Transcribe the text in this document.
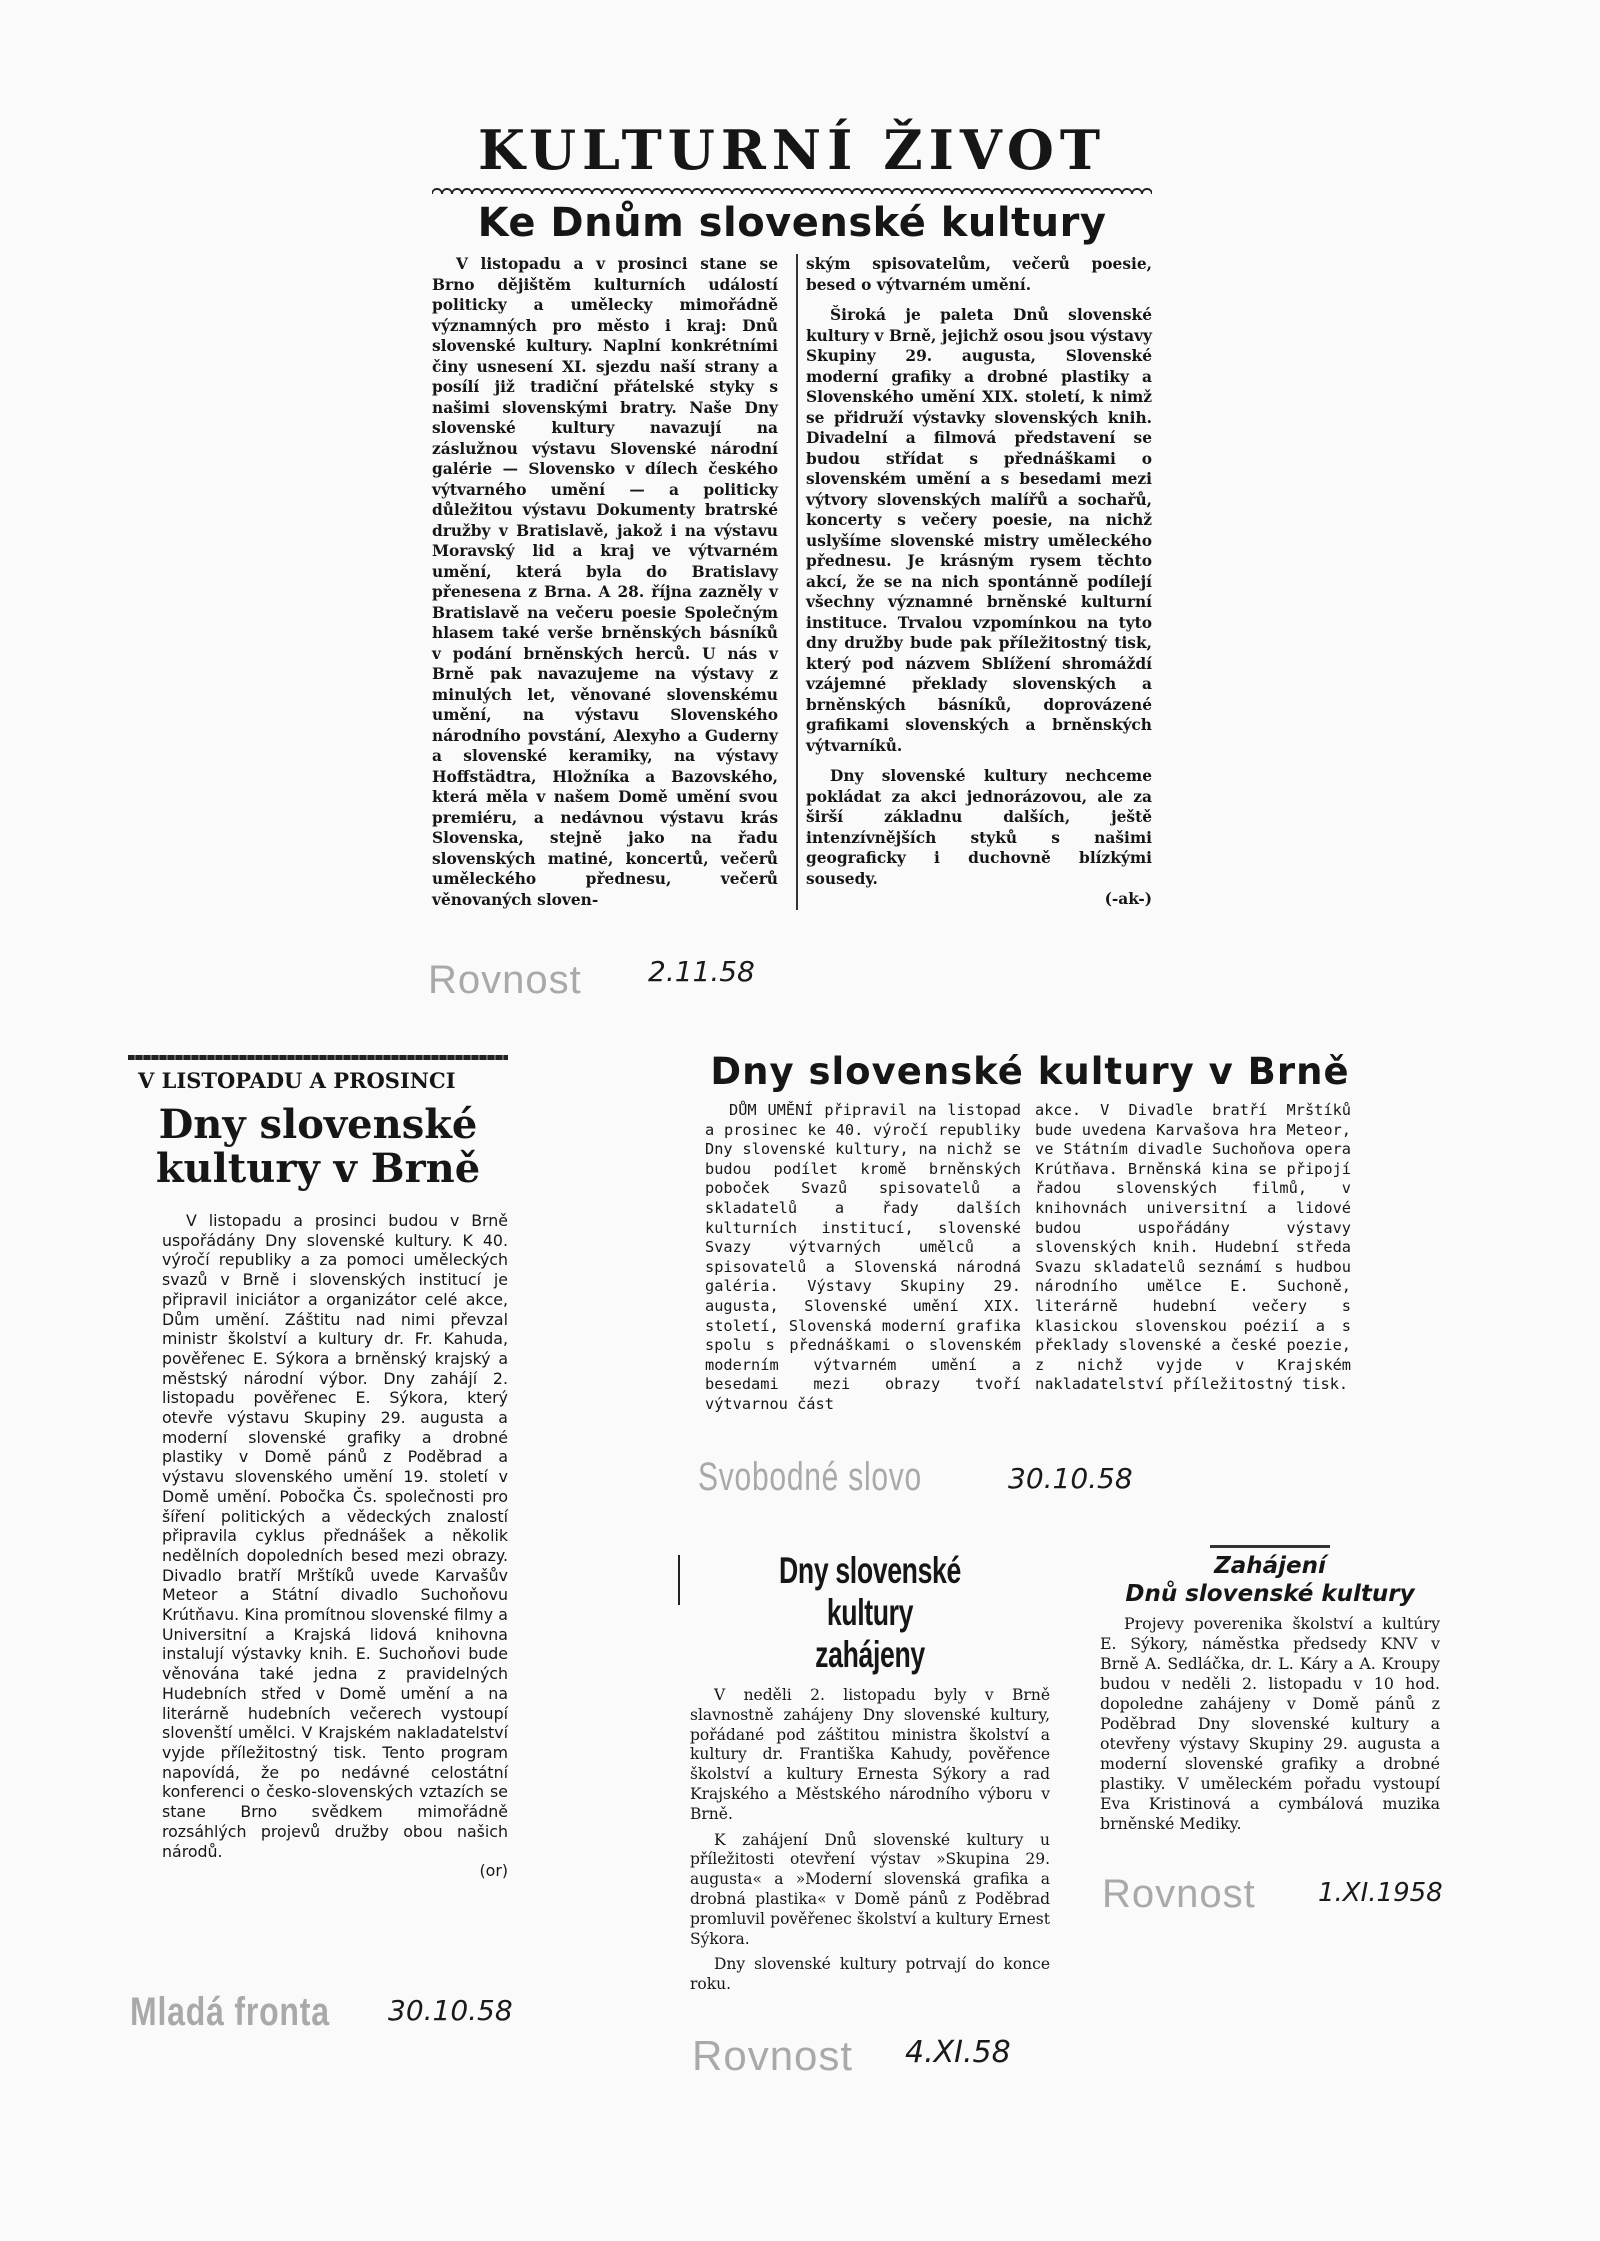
KULTURNÍ ŽIVOT
Ke Dnům slovenské kultury

V listopadu a v prosinci stane se Brno dějištěm kulturních událostí politicky a umělecky mimořádně významných pro město i kraj: Dnů slovenské kultury. Naplní konkrétními činy usnesení XI. sjezdu naší strany a posílí již tradiční přátelské styky s našimi slovenskými bratry. Naše Dny slovenské kultury navazují na záslužnou výstavu Slovenské národní galérie — Slovensko v dílech českého výtvarného umění — a politicky důležitou výstavu Dokumenty bratrské družby v Bratislavě, jakož i na výstavu Moravský lid a kraj ve výtvarném umění, která byla do Bratislavy přenesena z Brna. A 28. října zazněly v Bratislavě na večeru poesie Společným hlasem také verše brněnských básníků v podání brněnských herců. U nás v Brně pak navazujeme na výstavy z minulých let, věnované slovenskému umění, na výstavu Slovenského národního povstání, Alexyho a Guderny a slovenské keramiky, na výstavy Hoffstädtra, Hložníka a Bazovského, která měla v našem Domě umění svou premiéru, a nedávnou výstavu krás Slovenska, stejně jako na řadu slovenských matiné, koncertů, večerů uměleckého přednesu, večerů věnovaných sloven-

ským spisovatelům, večerů poesie, besed o výtvarném umění.

Široká je paleta Dnů slovenské kultury v Brně, jejichž osou jsou výstavy Skupiny 29. augusta, Slovenské moderní grafiky a drobné plastiky a Slovenského umění XIX. století, k nimž se přidruží výstavky slovenských knih. Divadelní a filmová představení se budou střídat s přednáškami o slovenském umění a s besedami mezi výtvory slovenských malířů a sochařů, koncerty s večery poesie, na nichž uslyšíme slovenské mistry uměleckého přednesu. Je krásným rysem těchto akcí, že se na nich spontánně podílejí všechny významné brněnské kulturní instituce. Trvalou vzpomínkou na tyto dny družby bude pak příležitostný tisk, který pod názvem Sblížení shromáždí vzájemné překlady slovenských a brněnských básníků, doprovázené grafikami slovenských a brněnských výtvarníků.

Dny slovenské kultury nechceme pokládat za akci jednorázovou, ale za širší základnu dalších, ještě intenzívnějších styků s našimi geograficky i duchovně blízkými sousedy.

(-ak-)
Rovnost 2.11.58
V LISTOPADU A PROSINCI
Dny slovenské
kultury v Brně

V listopadu a prosinci budou v Brně uspořádány Dny slovenské kultury. K 40. výročí republiky a za pomoci uměleckých svazů v Brně i slovenských institucí je připravil iniciátor a organizátor celé akce, Dům umění. Záštitu nad nimi převzal ministr školství a kultury dr. Fr. Kahuda, pověřenec E. Sýkora a brněnský krajský a městský národní výbor. Dny zahájí 2. listopadu pověřenec E. Sýkora, který otevře výstavu Skupiny 29. augusta a moderní slovenské grafiky a drobné plastiky v Domě pánů z Poděbrad a výstavu slovenského umění 19. století v Domě umění. Pobočka Čs. společnosti pro šíření politických a vědeckých znalostí připravila cyklus přednášek a několik nedělních dopoledních besed mezi obrazy. Divadlo bratří Mrštíků uvede Karvašův Meteor a Státní divadlo Suchoňovu Krútňavu. Kina promítnou slovenské filmy a Universitní a Krajská lidová knihovna instalují výstavky knih. E. Suchoňovi bude věnována také jedna z pravidelných Hudebních střed v Domě umění a na literárně hudebních večerech vystoupí slovenští umělci. V Krajském nakladatelství vyjde příležitostný tisk. Tento program napovídá, že po nedávné celostátní konferenci o česko-slovenských vztazích se stane Brno svědkem mimořádně rozsáhlých projevů družby obou našich národů.

(or)
Mladá fronta 30.10.58
Dny slovenské kultury v Brně

DŮM UMĚNÍ připravil na listopad a prosinec ke 40. výročí republiky Dny slovenské kultury, na nichž se budou podílet kromě brněnských poboček Svazů spisovatelů a skladatelů a řady dalších kulturních institucí, slovenské Svazy výtvarných umělců a spisovatelů a Slovenská národná galéria. Výstavy Skupiny 29. augusta, Slovenské umění XIX. století, Slovenská moderní grafika spolu s přednáškami o slovenském moderním výtvarném umění a besedami mezi obrazy tvoří výtvarnou část

akce. V Divadle bratří Mrštíků bude uvedena Karvašova hra Meteor, ve Státním divadle Suchoňova opera Krútňava. Brněnská kina se připojí řadou slovenských filmů, v knihovnách universitní a lidové budou uspořádány výstavy slovenských knih. Hudební středa Svazu skladatelů seznámí s hudbou národního umělce E. Suchoně, literárně hudební večery s klasickou slovenskou poézií a s překlady slovenské a české poezie, z nichž vyjde v Krajském nakladatelství příležitostný tisk.

Svobodné slovo	30.10.58
Dny slovenské kultury
zahájeny

V neděli 2. listopadu byly v Brně slavnostně zahájeny Dny slovenské kultury, pořádané pod záštitou ministra školství a kultury dr. Františka Kahudy, pověřence školství a kultury Ernesta Sýkory a rad Krajského a Městského národního výboru v Brně.

K zahájení Dnů slovenské kultury u příležitosti otevření výstav »Skupina 29. augusta« a »Moderní slovenská grafika a drobná plastika« v Domě pánů z Poděbrad promluvil pověřenec školství a kultury Ernest Sýkora.

Dny slovenské kultury potrvají do konce roku.

Rovnost 4.XI.58
Zahájení
Dnů slovenské kultury

Projevy poverenika školství a kultúry E. Sýkory, náměstka předsedy KNV v Brně A. Sedláčka, dr. L. Káry a A. Kroupy budou v neděli 2. listopadu v 10 hod. dopoledne zahájeny v Domě pánů z Poděbrad Dny slovenské kultury a otevřeny výstavy Skupiny 29. augusta a moderní slovenské grafiky a drobné plastiky. V uměleckém pořadu vystoupí Eva Kristinová a cymbálová muzika brněnské Mediky.

Rovnost 1.XI.1958
